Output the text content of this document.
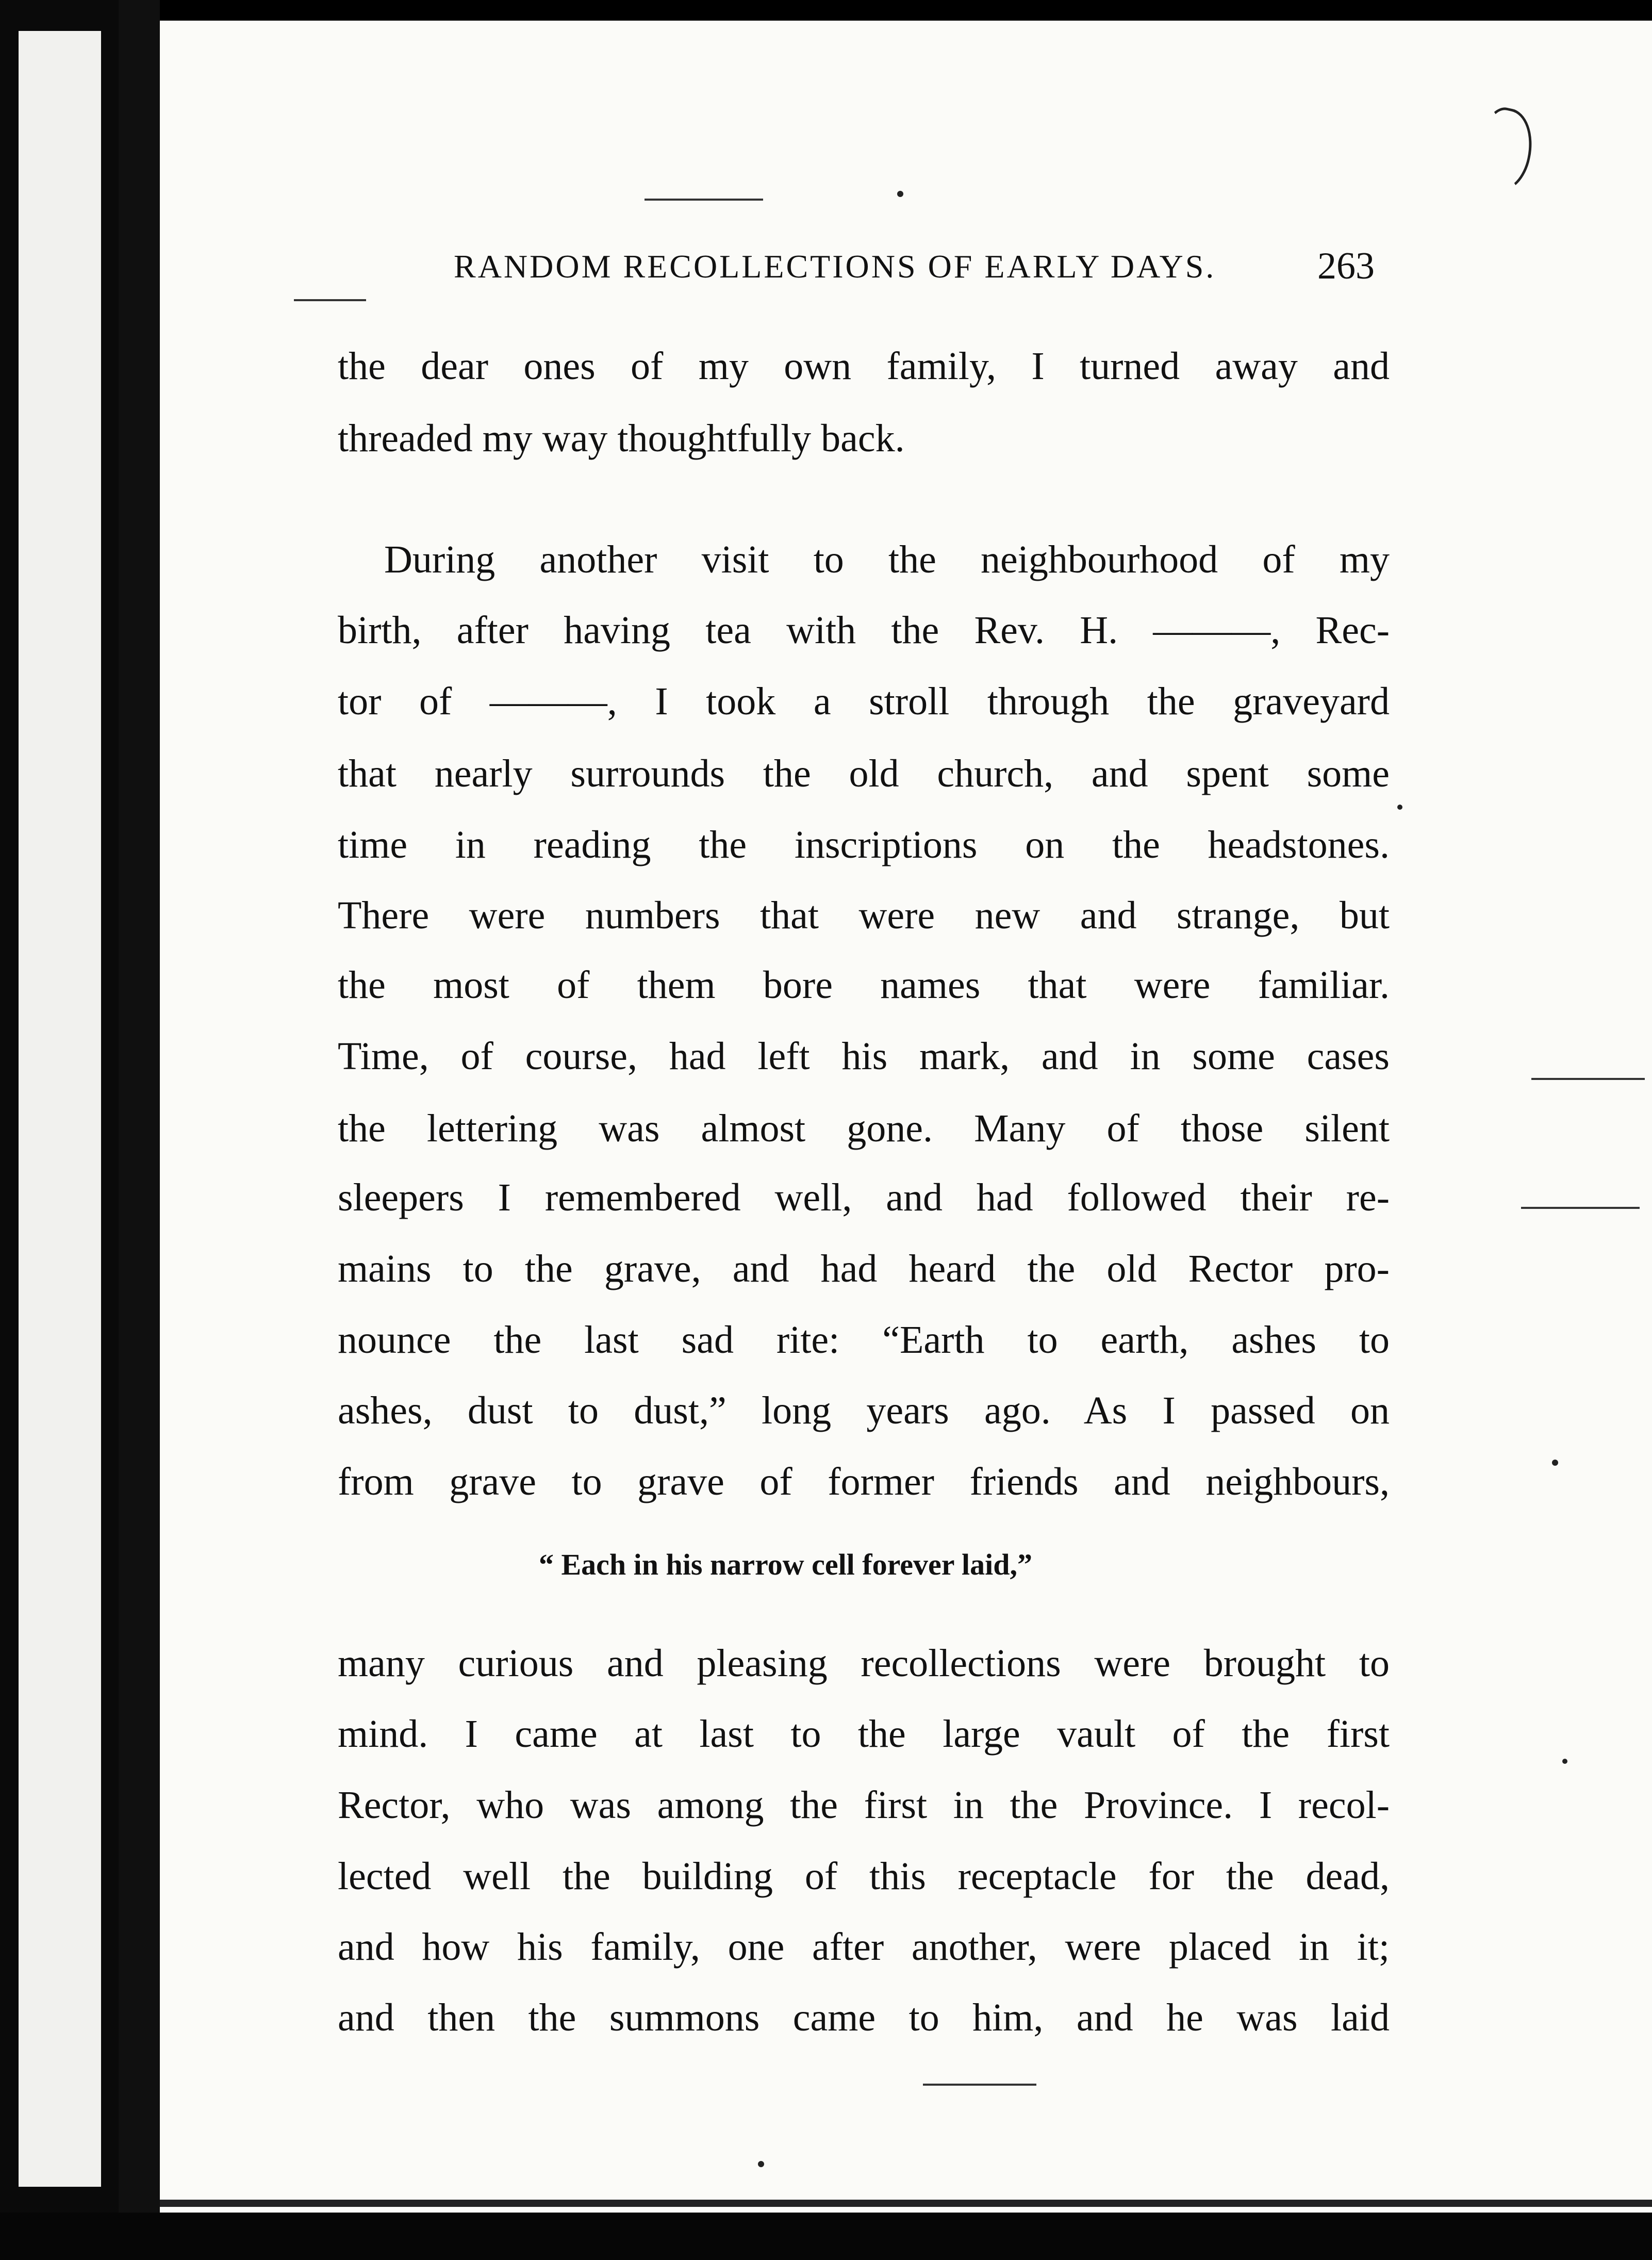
RANDOM RECOLLECTIONS OF EARLY DAYS.	263
the dear ones of my own family, I turned away and
threaded my way thoughtfully back.
During another visit to the neighbourhood of my
birth, after having tea with the Rev. H. ———, Rec-
tor of ———, I took a stroll through the graveyard
that nearly surrounds the old church, and spent some
time in reading the inscriptions on the headstones.
There were numbers that were new and strange, but
the most of them bore names that were familiar.
Time, of course, had left his mark, and in some cases
the lettering was almost gone. Many of those silent
sleepers I remembered well, and had followed their re-
mains to the grave, and had heard the old Rector pro-
nounce the last sad rite: “Earth to earth, ashes to
ashes, dust to dust,” long years ago. As I passed on
from grave to grave of former friends and neighbours,
many curious and pleasing recollections were brought to
mind. I came at last to the large vault of the first
Rector, who was among the first in the Province. I recol-
lected well the building of this receptacle for the dead,
and how his family, one after another, were placed in it;
and then the summons came to him, and he was laid
“ Each in his narrow cell forever laid,”
